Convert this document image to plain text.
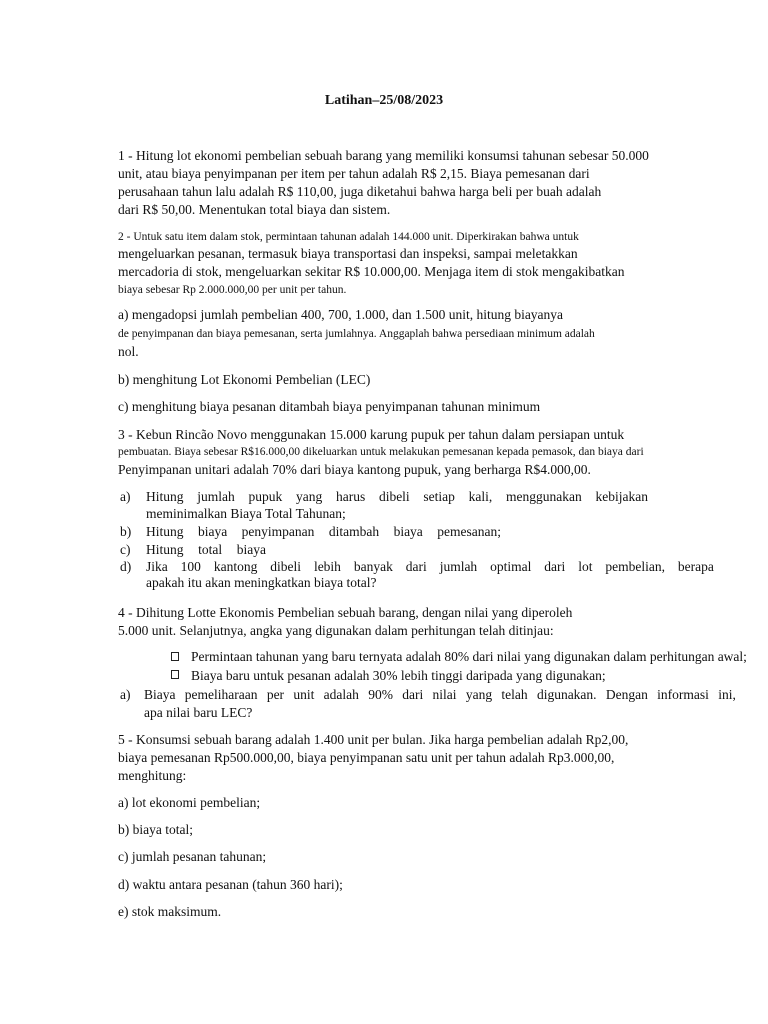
Latihan–25/08/2023
1 - Hitung lot ekonomi pembelian sebuah barang yang memiliki konsumsi tahunan sebesar 50.000
unit, atau biaya penyimpanan per item per tahun adalah R$ 2,15. Biaya pemesanan dari
perusahaan tahun lalu adalah R$ 110,00, juga diketahui bahwa harga beli per buah adalah
dari R$ 50,00. Menentukan total biaya dan sistem.
2 - Untuk satu item dalam stok, permintaan tahunan adalah 144.000 unit. Diperkirakan bahwa untuk
mengeluarkan pesanan, termasuk biaya transportasi dan inspeksi, sampai meletakkan
mercadoria di stok, mengeluarkan sekitar R$ 10.000,00. Menjaga item di stok mengakibatkan
biaya sebesar Rp 2.000.000,00 per unit per tahun.
a) mengadopsi jumlah pembelian 400, 700, 1.000, dan 1.500 unit, hitung biayanya
de penyimpanan dan biaya pemesanan, serta jumlahnya. Anggaplah bahwa persediaan minimum adalah
nol.
b) menghitung Lot Ekonomi Pembelian (LEC)
c) menghitung biaya pesanan ditambah biaya penyimpanan tahunan minimum
3 - Kebun Rincão Novo menggunakan 15.000 karung pupuk per tahun dalam persiapan untuk
pembuatan. Biaya sebesar R$16.000,00 dikeluarkan untuk melakukan pemesanan kepada pemasok, dan biaya dari
Penyimpanan unitari adalah 70% dari biaya kantong pupuk, yang berharga R$4.000,00.
a) Hitung jumlah pupuk yang harus dibeli setiap kali, menggunakan kebijakan
meminimalkan Biaya Total Tahunan;
b) Hitung biaya penyimpanan ditambah biaya pemesanan;
c) Hitung total biaya
d) Jika 100 kantong dibeli lebih banyak dari jumlah optimal dari lot pembelian, berapa
apakah itu akan meningkatkan biaya total?
4 - Dihitung Lotte Ekonomis Pembelian sebuah barang, dengan nilai yang diperoleh
5.000 unit. Selanjutnya, angka yang digunakan dalam perhitungan telah ditinjau:
Permintaan tahunan yang baru ternyata adalah 80% dari nilai yang digunakan dalam perhitungan awal;
Biaya baru untuk pesanan adalah 30% lebih tinggi daripada yang digunakan;
a) Biaya pemeliharaan per unit adalah 90% dari nilai yang telah digunakan. Dengan informasi ini,
apa nilai baru LEC?
5 - Konsumsi sebuah barang adalah 1.400 unit per bulan. Jika harga pembelian adalah Rp2,00,
biaya pemesanan Rp500.000,00, biaya penyimpanan satu unit per tahun adalah Rp3.000,00,
menghitung:
a) lot ekonomi pembelian;
b) biaya total;
c) jumlah pesanan tahunan;
d) waktu antara pesanan (tahun 360 hari);
e) stok maksimum.
